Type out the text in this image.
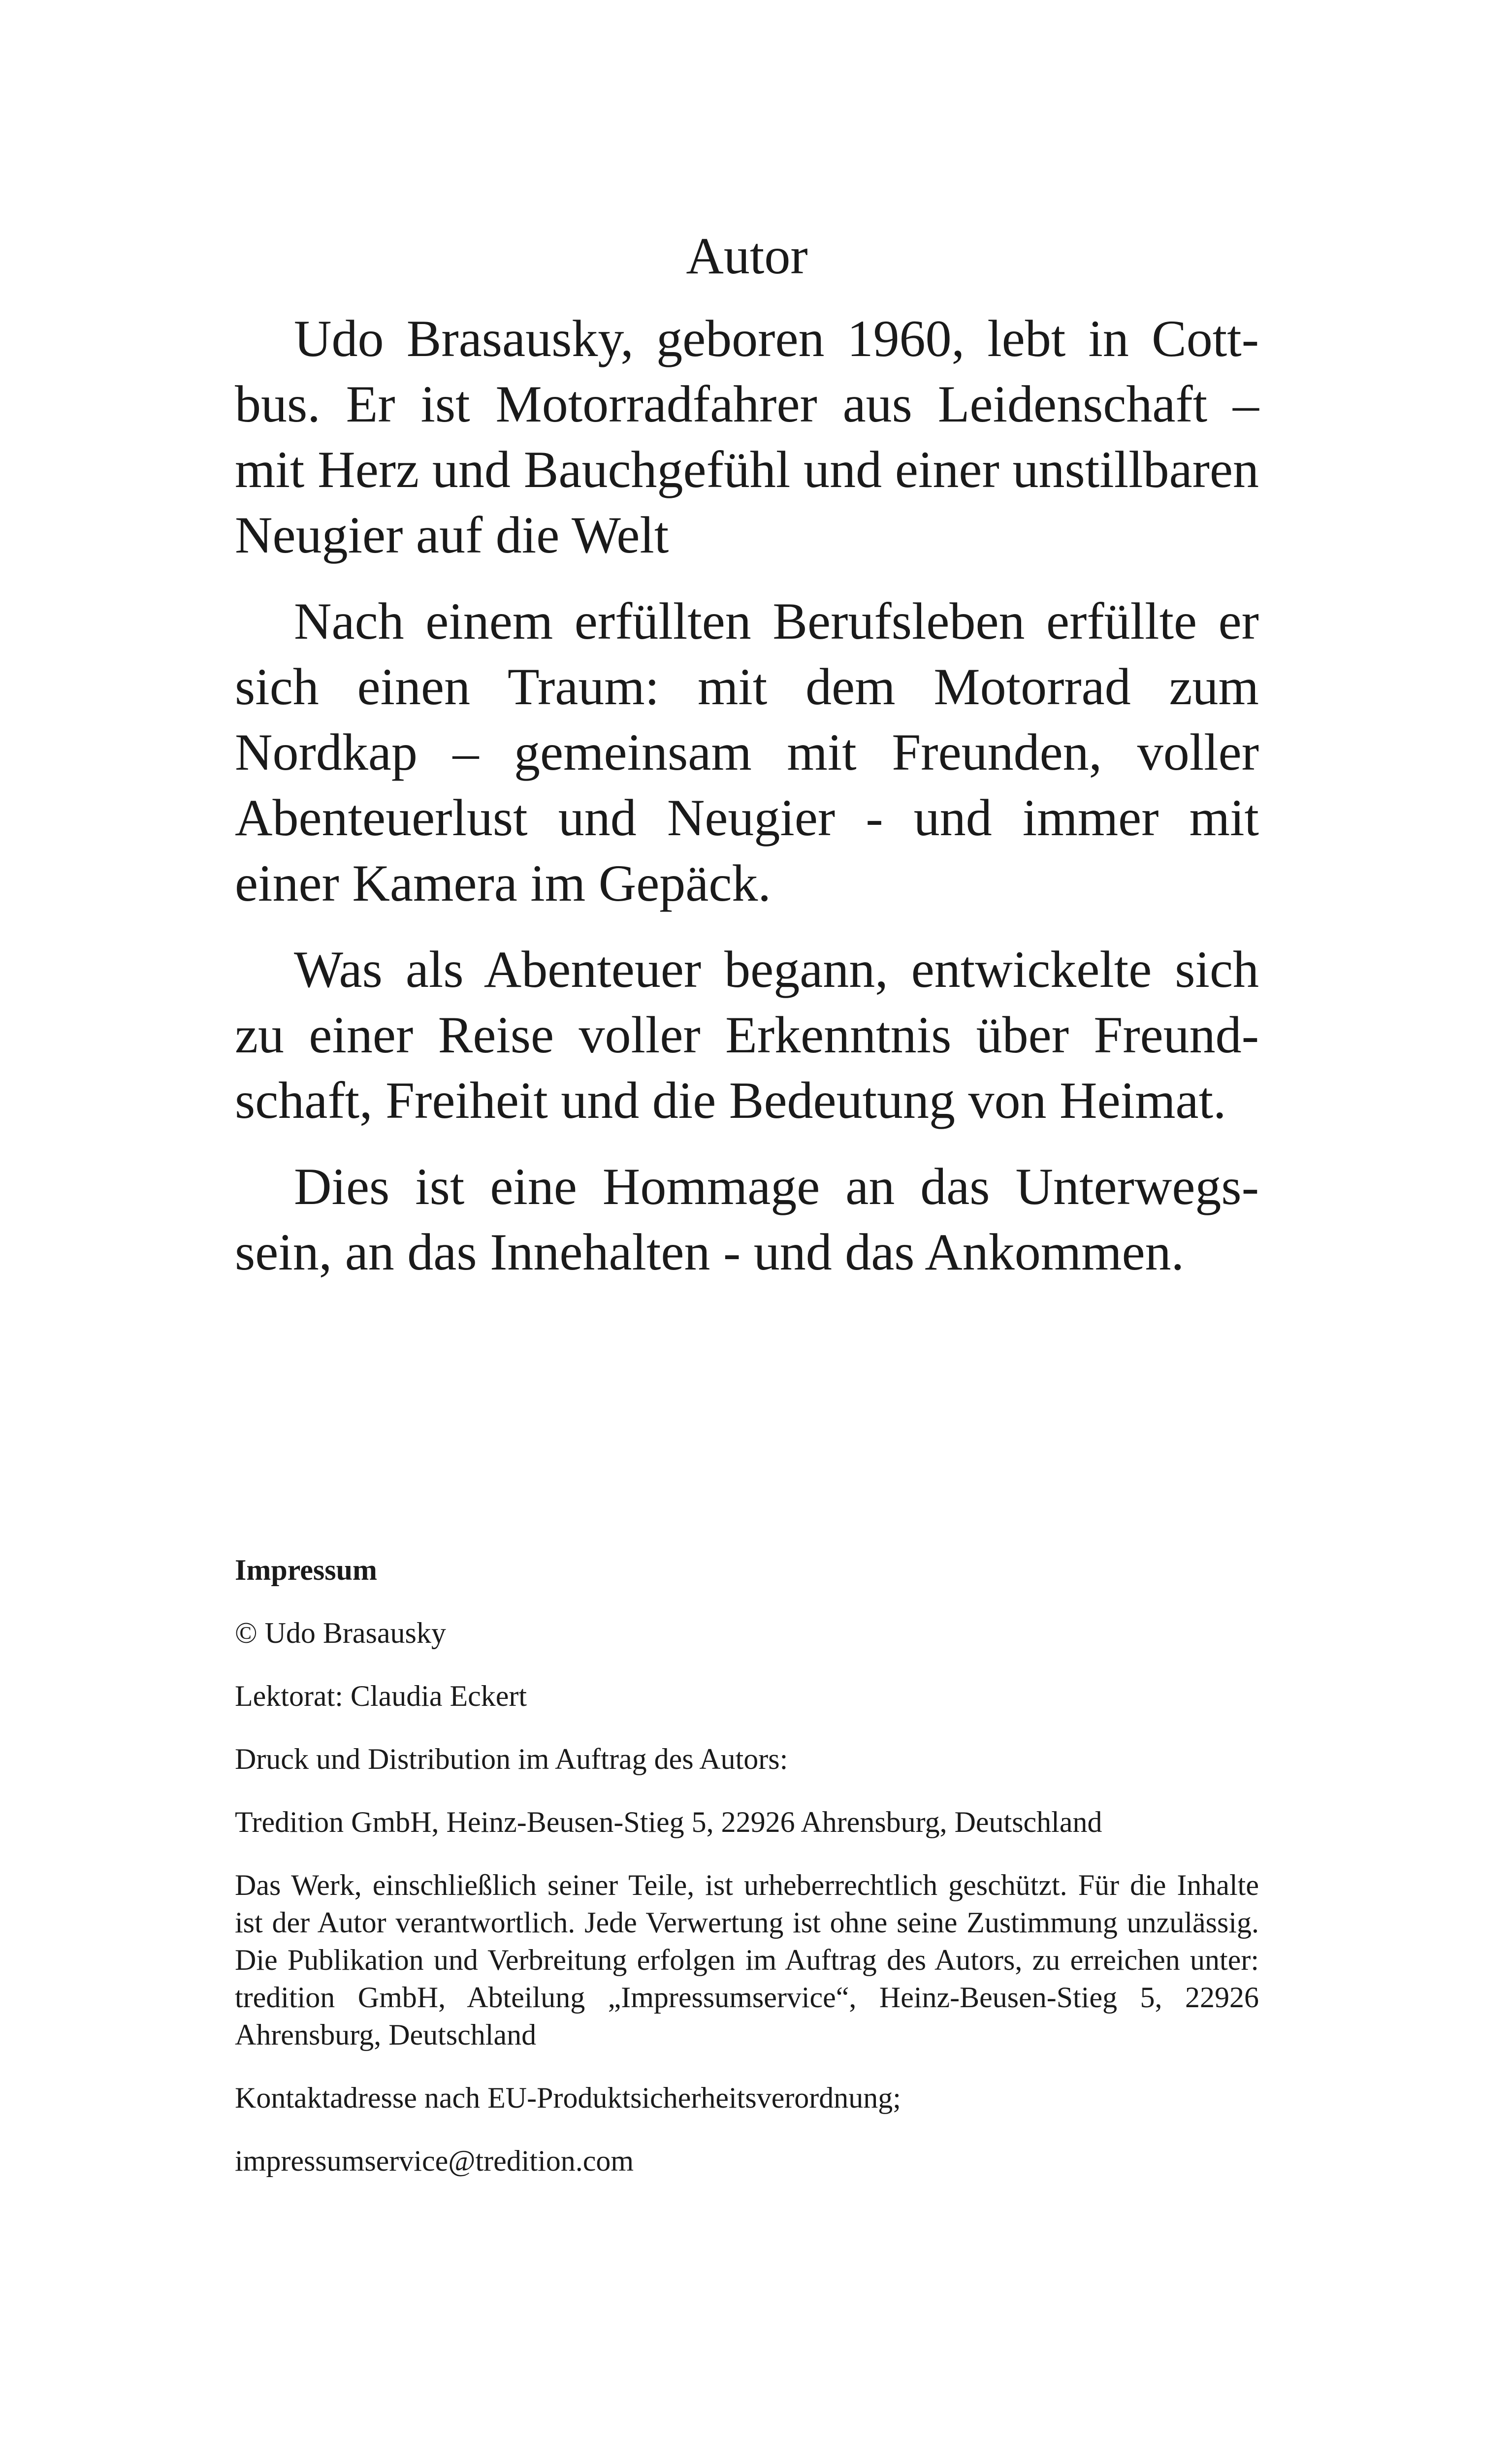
Autor

Udo Brasausky, geboren 1960, lebt in Cottbus. Er ist Motorradfahrer aus Leidenschaft – mit Herz und Bauchgefühl und einer unstillbaren Neugier auf die Welt

Nach einem erfüllten Berufsleben erfüllte er sich einen Traum: mit dem Motorrad zum Nordkap – gemeinsam mit Freunden, voller Abenteuerlust und Neugier - und immer mit einer Kamera im Gepäck.

Was als Abenteuer begann, entwickelte sich zu einer Reise voller Erkenntnis über Freundschaft, Freiheit und die Bedeutung von Heimat.

Dies ist eine Hommage an das Unterwegssein, an das Innehalten - und das Ankommen.

Impressum
© Udo Brasausky
Lektorat: Claudia Eckert
Druck und Distribution im Auftrag des Autors:
Tredition GmbH, Heinz-Beusen-Stieg 5, 22926 Ahrensburg, Deutschland
Das Werk, einschließlich seiner Teile, ist urheberrechtlich geschützt. Für die Inhalte ist der Autor verantwortlich. Jede Verwertung ist ohne seine Zustimmung unzulässig. Die Publikation und Verbreitung erfolgen im Auftrag des Autors, zu erreichen unter: tredition GmbH, Abteilung „Impressumservice“, Heinz-Beusen-Stieg 5, 22926 Ahrensburg, Deutschland
Kontaktadresse nach EU-Produktsicherheitsverordnung;
impressumservice@tredition.com
